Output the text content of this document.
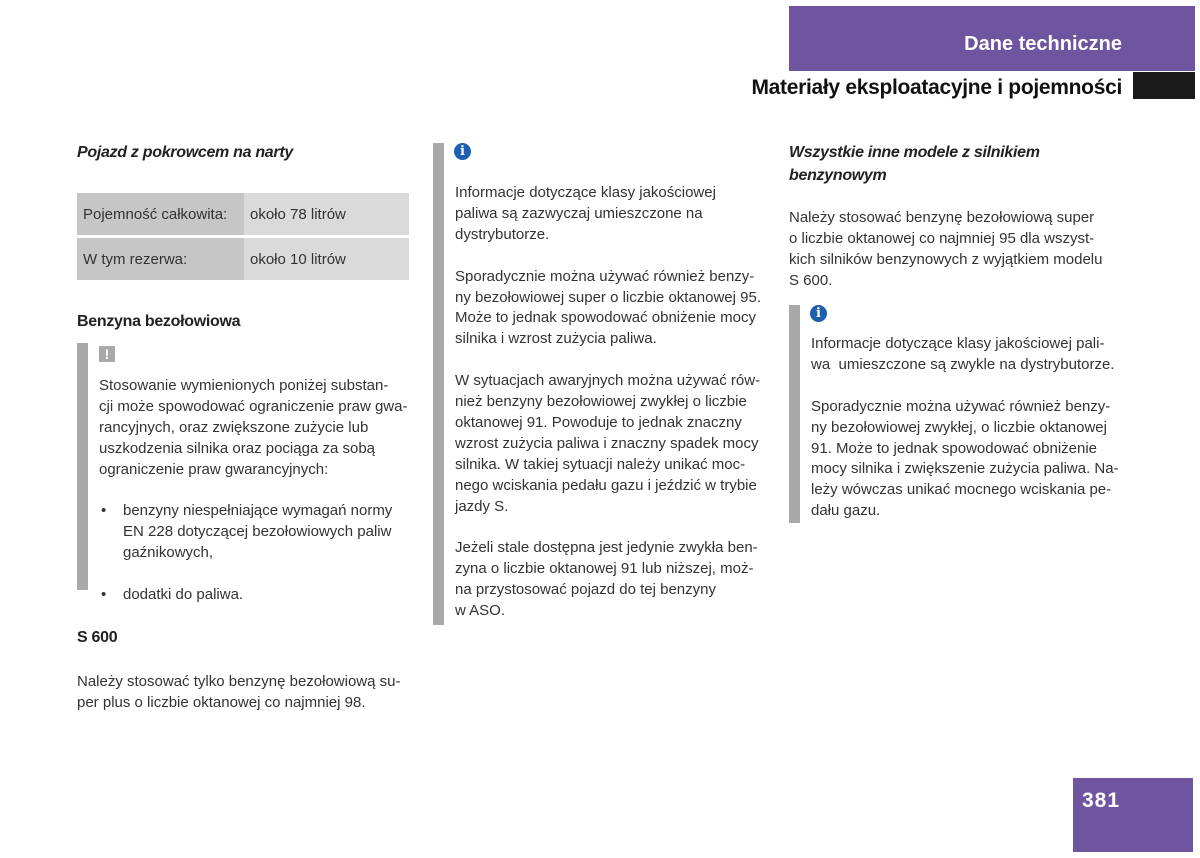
Dane techniczne
Materiały eksploatacyjne i pojemności
Pojazd z pokrowcem na narty
Pojemność całkowita:	około 78 litrów
W tym rezerwa:	około 10 litrów
Benzyna bezołowiowa
!
Stosowanie wymienionych poniżej substan-
cji może spowodować ograniczenie praw gwa-
rancyjnych, oraz zwiększone zużycie lub
uszkodzenia silnika oraz pociąga za sobą
ograniczenie praw gwarancyjnych:
•	benzyny niespełniające wymagań normy
EN 228 dotyczącej bezołowiowych paliw
gaźnikowych,
•	dodatki do paliwa.
S 600
Należy stosować tylko benzynę bezołowiową su-
per plus o liczbie oktanowej co najmniej 98.
i
Informacje dotyczące klasy jakościowej
paliwa są zazwyczaj umieszczone na
dystrybutorze.
Sporadycznie można używać również benzy-
ny bezołowiowej super o liczbie oktanowej 95.
Może to jednak spowodować obniżenie mocy
silnika i wzrost zużycia paliwa.
W sytuacjach awaryjnych można używać rów-
nież benzyny bezołowiowej zwykłej o liczbie
oktanowej 91. Powoduje to jednak znaczny
wzrost zużycia paliwa i znaczny spadek mocy
silnika. W takiej sytuacji należy unikać moc-
nego wciskania pedału gazu i jeździć w trybie
jazdy S.
Jeżeli stale dostępna jest jedynie zwykła ben-
zyna o liczbie oktanowej 91 lub niższej, moż-
na przystosować pojazd do tej benzyny
w ASO.
Wszystkie inne modele z silnikiem
benzynowym
Należy stosować benzynę bezołowiową super
o liczbie oktanowej co najmniej 95 dla wszyst-
kich silników benzynowych z wyjątkiem modelu
S 600.
i
Informacje dotyczące klasy jakościowej pali-
wa  umieszczone są zwykle na dystrybutorze.
Sporadycznie można używać również benzy-
ny bezołowiowej zwykłej, o liczbie oktanowej
91. Może to jednak spowodować obniżenie
mocy silnika i zwiększenie zużycia paliwa. Na-
leży wówczas unikać mocnego wciskania pe-
dału gazu.
381
